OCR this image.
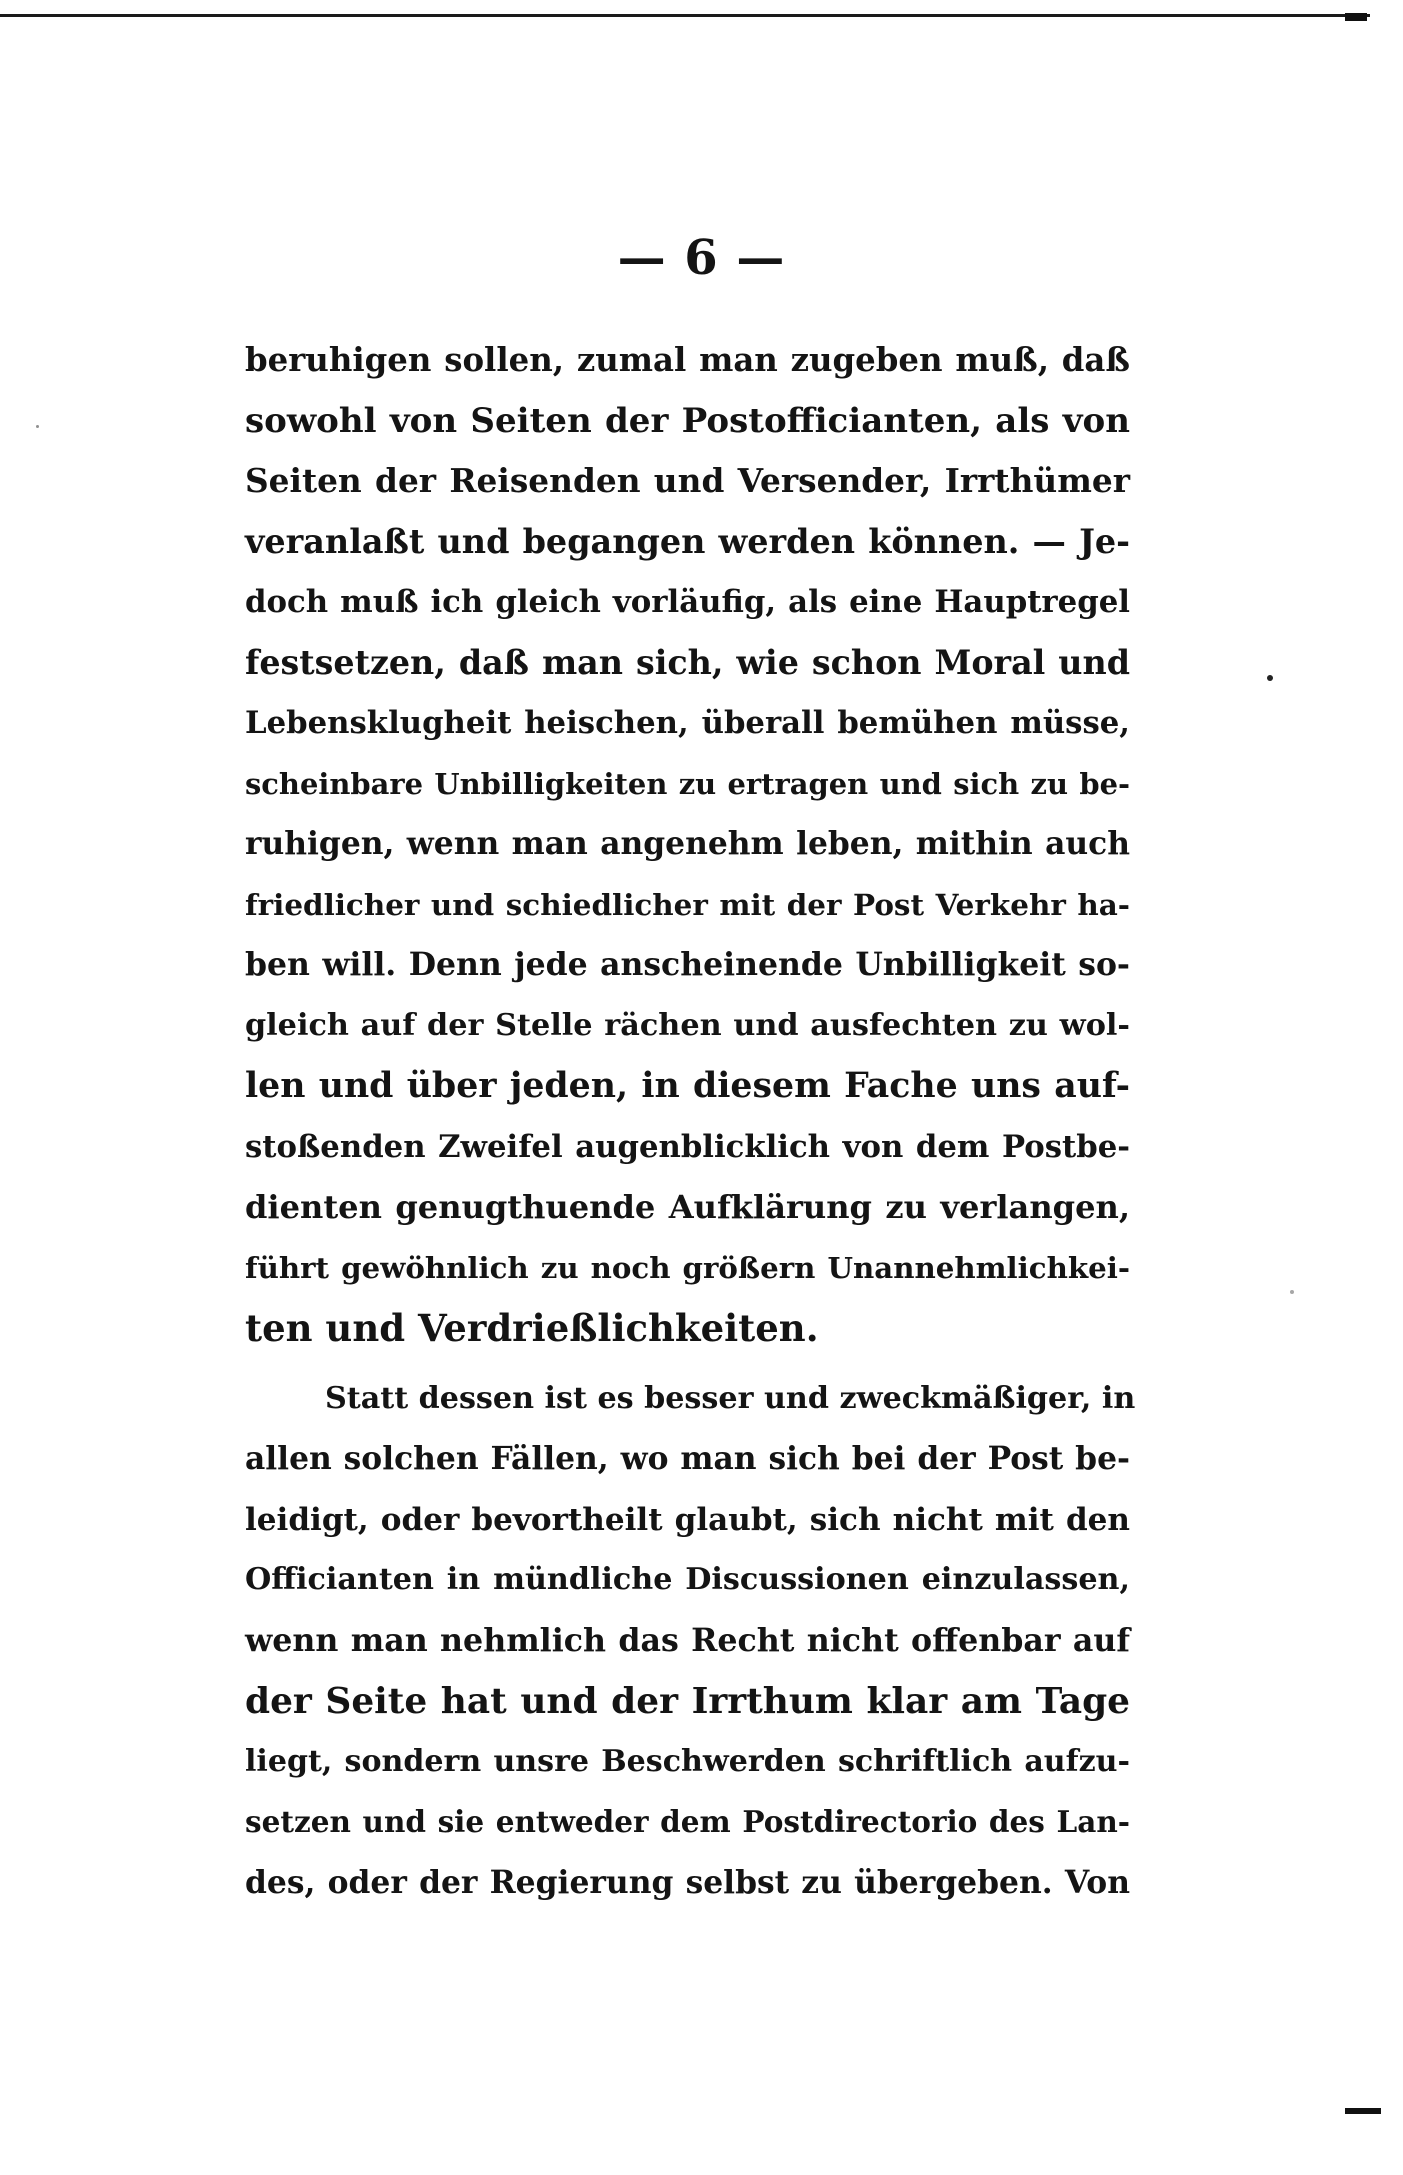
— 6 —
beruhigen sollen, zumal man zugeben muß, daß
sowohl von Seiten der Postofficianten, als von
Seiten der Reisenden und Versender, Irrthümer
veranlaßt und begangen werden können. — Je-
doch muß ich gleich vorläufig, als eine Hauptregel
festsetzen, daß man sich, wie schon Moral und
Lebensklugheit heischen, überall bemühen müsse,
scheinbare Unbilligkeiten zu ertragen und sich zu be-
ruhigen, wenn man angenehm leben, mithin auch
friedlicher und schiedlicher mit der Post Verkehr ha-
ben will. Denn jede anscheinende Unbilligkeit so-
gleich auf der Stelle rächen und ausfechten zu wol-
len und über jeden, in diesem Fache uns auf-
stoßenden Zweifel augenblicklich von dem Postbe-
dienten genugthuende Aufklärung zu verlangen,
führt gewöhnlich zu noch größern Unannehmlichkei-
ten und Verdrießlichkeiten.
Statt dessen ist es besser und zweckmäßiger, in
allen solchen Fällen, wo man sich bei der Post be-
leidigt, oder bevortheilt glaubt, sich nicht mit den
Officianten in mündliche Discussionen einzulassen,
wenn man nehmlich das Recht nicht offenbar auf
der Seite hat und der Irrthum klar am Tage
liegt, sondern unsre Beschwerden schriftlich aufzu-
setzen und sie entweder dem Postdirectorio des Lan-
des, oder der Regierung selbst zu übergeben. Von
